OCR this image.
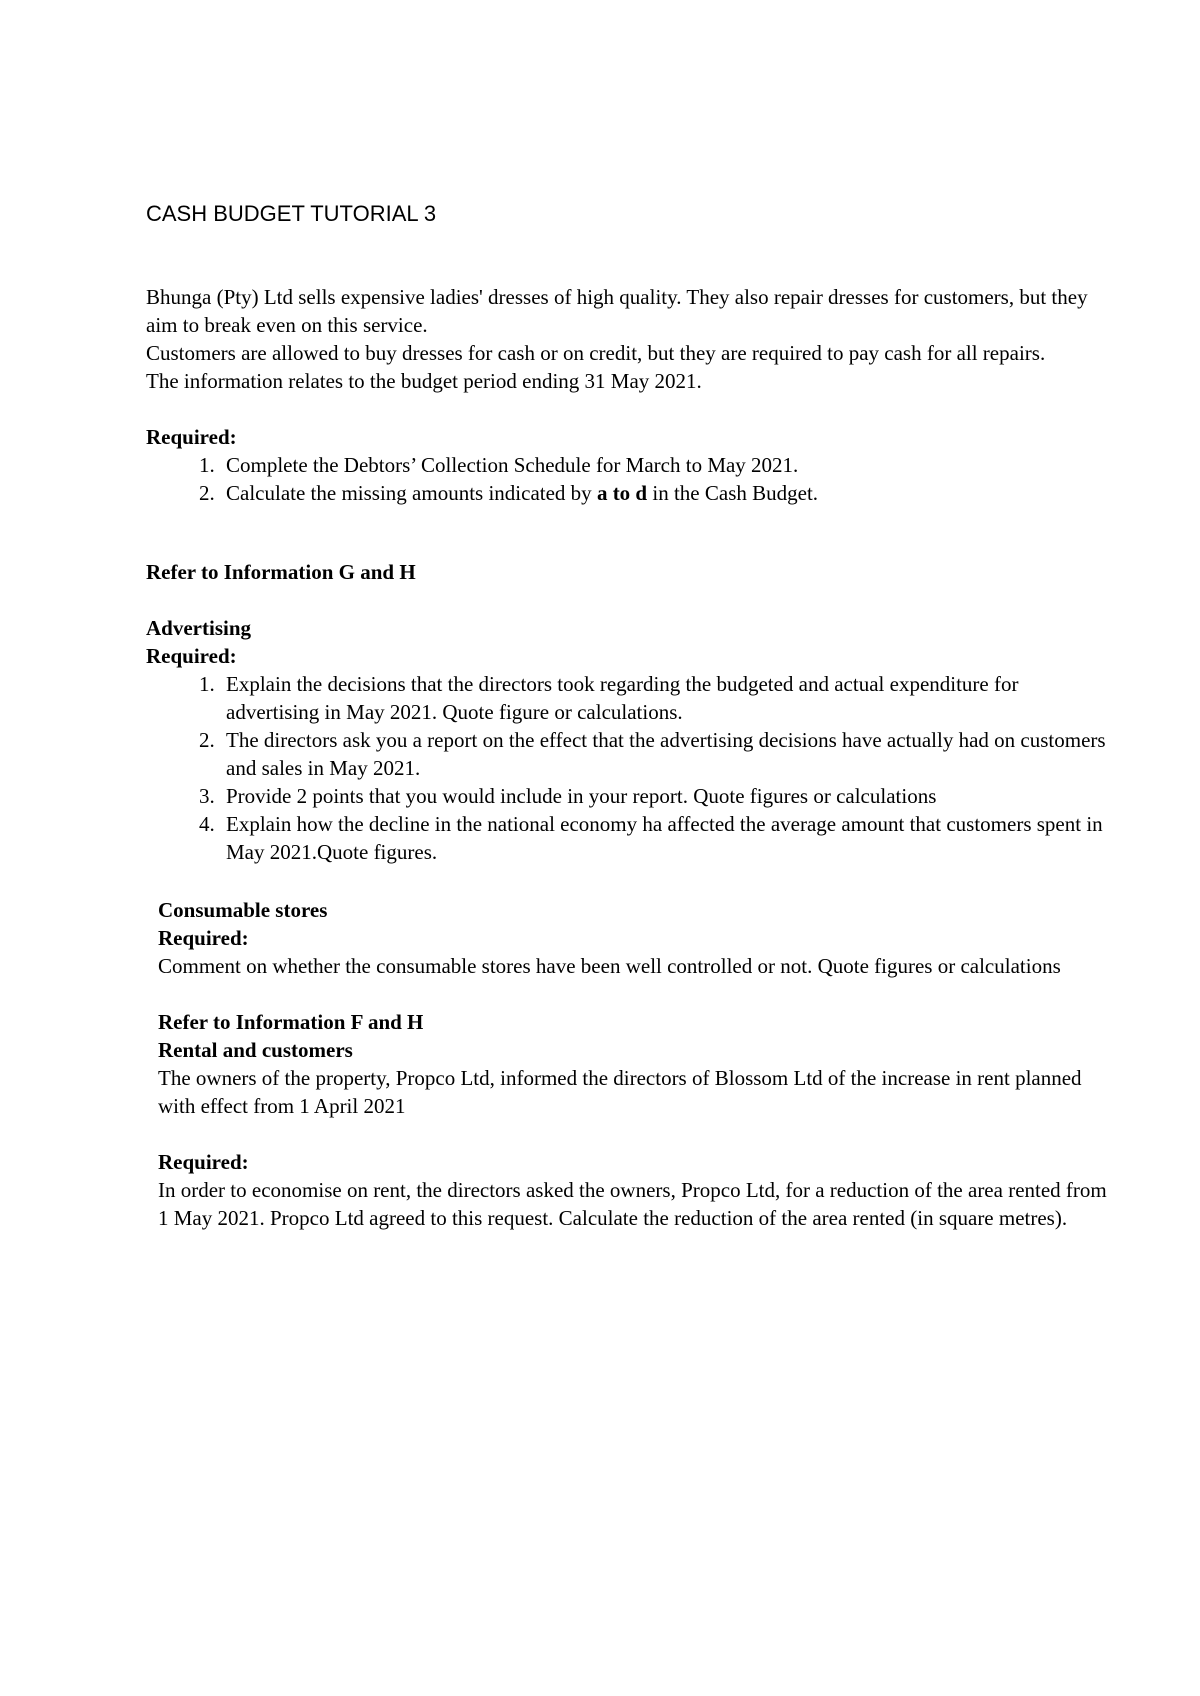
CASH BUDGET TUTORIAL 3

Bhunga (Pty) Ltd sells expensive ladies' dresses of high quality. They also repair dresses for customers, but they aim to break even on this service.

Customers are allowed to buy dresses for cash or on credit, but they are required to pay cash for all repairs.

The information relates to the budget period ending 31 May 2021.

Required:

1. Complete the Debtors’ Collection Schedule for March to May 2021.
2. Calculate the missing amounts indicated by a to d in the Cash Budget.

Refer to Information G and H

Advertising

Required:

1. Explain the decisions that the directors took regarding the budgeted and actual expenditure for advertising in May 2021. Quote figure or calculations.
2. The directors ask you a report on the effect that the advertising decisions have actually had on customers and sales in May 2021.
3. Provide 2 points that you would include in your report. Quote figures or calculations
4. Explain how the decline in the national economy ha affected the average amount that customers spent in May 2021.Quote figures.

Consumable stores

Required:

Comment on whether the consumable stores have been well controlled or not. Quote figures or calculations

Refer to Information F and H

Rental and customers

The owners of the property, Propco Ltd, informed the directors of Blossom Ltd of the increase in rent planned with effect from 1 April 2021

Required:

In order to economise on rent, the directors asked the owners, Propco Ltd, for a reduction of the area rented from 1 May 2021. Propco Ltd agreed to this request. Calculate the reduction of the area rented (in square metres).
